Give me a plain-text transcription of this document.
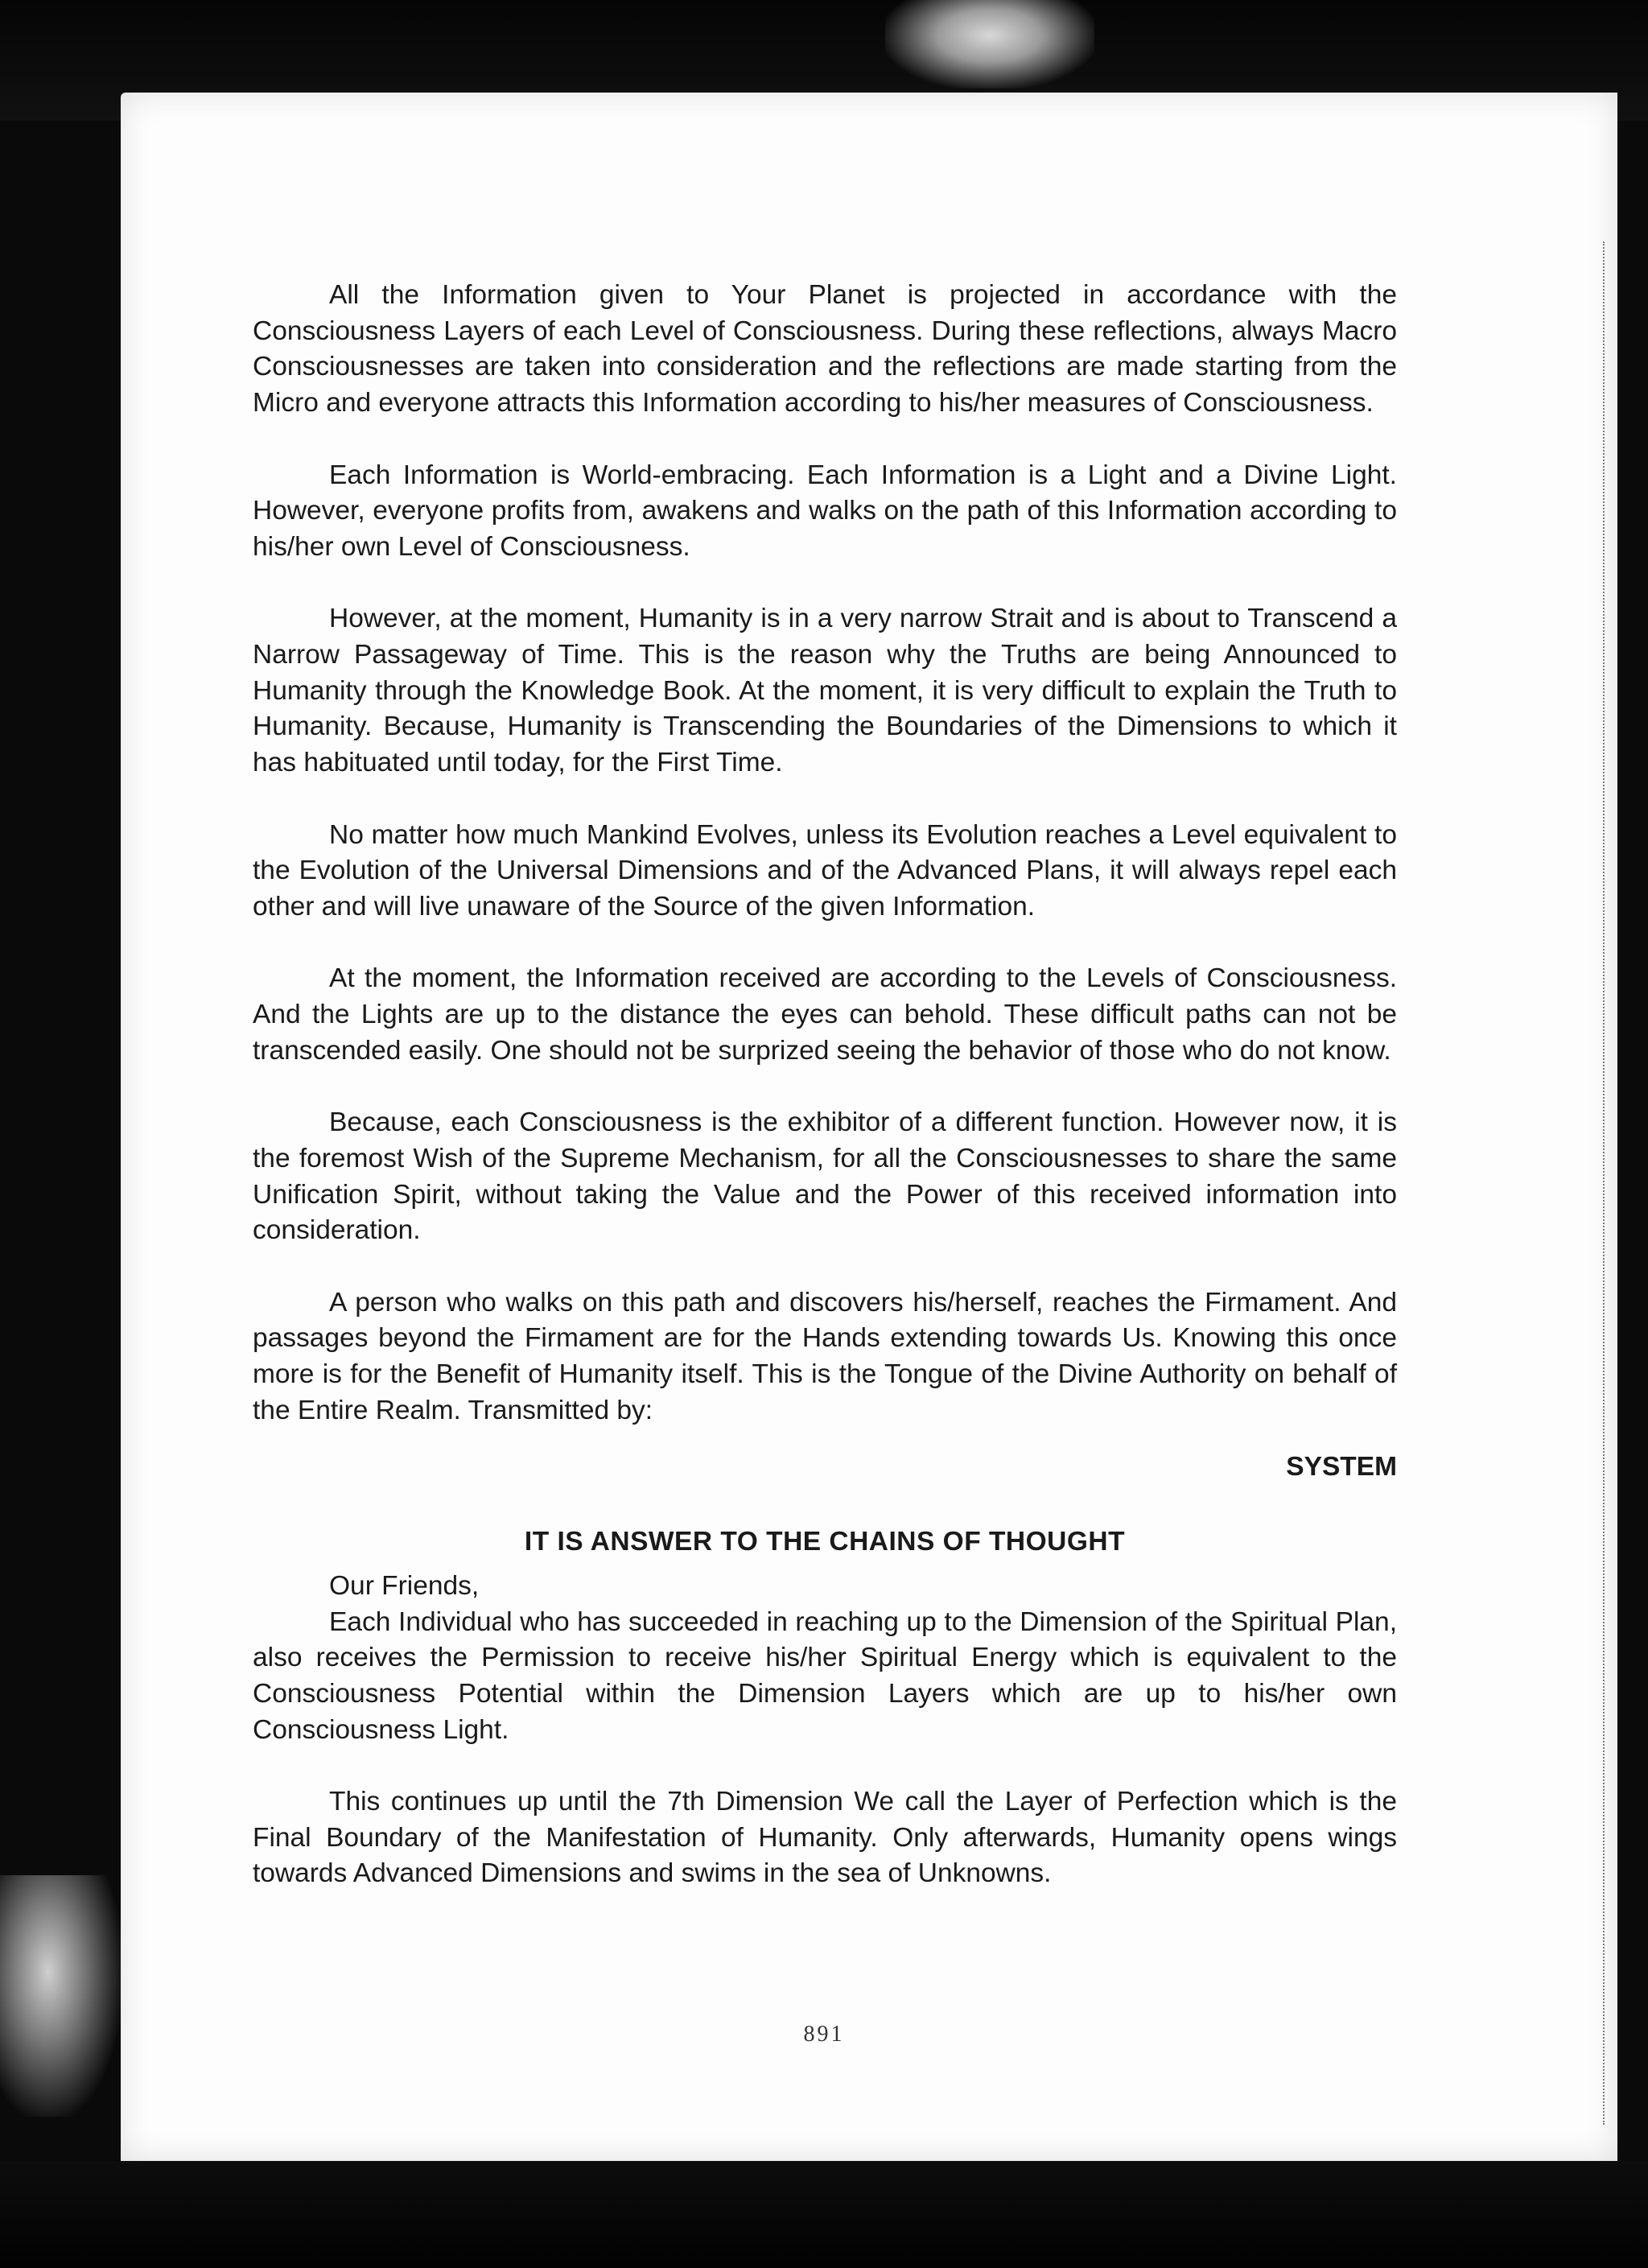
All the Information given to Your Planet is projected in accordance with the Consciousness Layers of each Level of Consciousness. During these reflections, always Macro Consciousnesses are taken into consideration and the reflections are made starting from the Micro and everyone attracts this Information according to his/her measures of Consciousness.

Each Information is World-embracing. Each Information is a Light and a Divine Light. However, everyone profits from, awakens and walks on the path of this Information according to his/her own Level of Consciousness.

However, at the moment, Humanity is in a very narrow Strait and is about to Transcend a Narrow Passageway of Time. This is the reason why the Truths are being Announced to Humanity through the Knowledge Book. At the moment, it is very difficult to explain the Truth to Humanity. Because, Humanity is Transcending the Boundaries of the Dimensions to which it has habituated until today, for the First Time.

No matter how much Mankind Evolves, unless its Evolution reaches a Level equivalent to the Evolution of the Universal Dimensions and of the Advanced Plans, it will always repel each other and will live unaware of the Source of the given Information.

At the moment, the Information received are according to the Levels of Consciousness. And the Lights are up to the distance the eyes can behold. These difficult paths can not be transcended easily. One should not be surprized seeing the behavior of those who do not know.

Because, each Consciousness is the exhibitor of a different function. However now, it is the foremost Wish of the Supreme Mechanism, for all the Consciousnesses to share the same Unification Spirit, without taking the Value and the Power of this received information into consideration.

A person who walks on this path and discovers his/herself, reaches the Firmament. And passages beyond the Firmament are for the Hands extending towards Us. Knowing this once more is for the Benefit of Humanity itself. This is the Tongue of the Divine Authority on behalf of the Entire Realm. Transmitted by:

SYSTEM
IT IS ANSWER TO THE CHAINS OF THOUGHT
Our Friends,

Each Individual who has succeeded in reaching up to the Dimension of the Spiritual Plan, also receives the Permission to receive his/her Spiritual Energy which is equivalent to the Consciousness Potential within the Dimension Layers which are up to his/her own Consciousness Light.

This continues up until the 7th Dimension We call the Layer of Perfection which is the Final Boundary of the Manifestation of Humanity. Only afterwards, Humanity opens wings towards Advanced Dimensions and swims in the sea of Unknowns.

891
